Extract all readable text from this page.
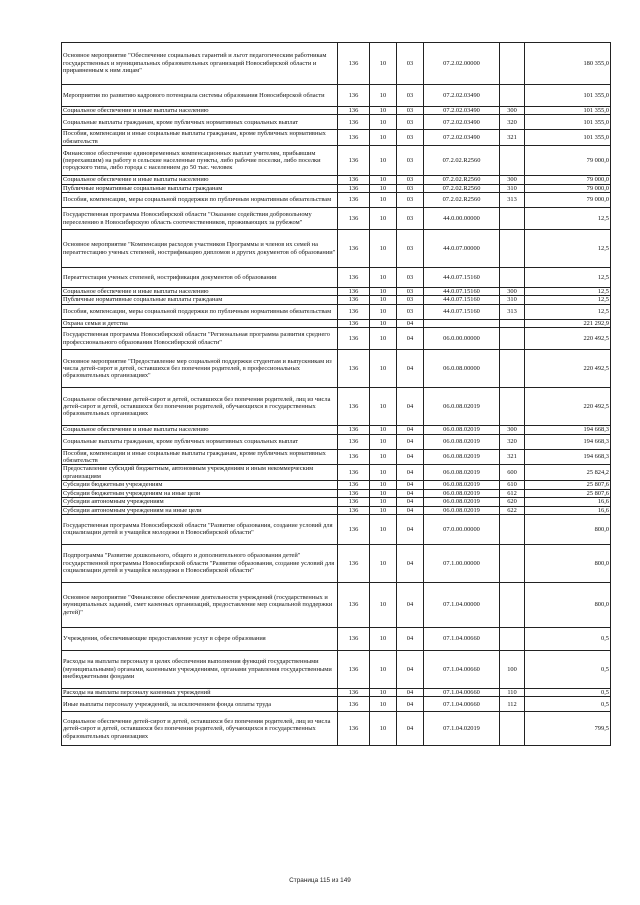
Основное мероприятие "Обеспечение социальных гарантий и льгот педагогическим работникам государственных и муниципальных образовательных организаций Новосибирской области и приравненным к ним лицам"	136	10	03	07.2.02.00000		180 355,0
Мероприятия по развитию кадрового потенциала системы образования Новосибирской области	136	10	03	07.2.02.03490		101 355,0
Социальное обеспечение и иные выплаты населению	136	10	03	07.2.02.03490	300	101 355,0
Социальные выплаты гражданам, кроме публичных нормативных социальных выплат	136	10	03	07.2.02.03490	320	101 355,0
Пособия, компенсации и иные социальные выплаты гражданам, кроме публичных нормативных обязательств	136	10	03	07.2.02.03490	321	101 355,0
Финансовое обеспечение единовременных компенсационных выплат учителям, прибывшим (переехавшим) на работу в сельские населенные пункты, либо рабочие поселки, либо поселки городского типа, либо города с населением до 50 тыс. человек	136	10	03	07.2.02.R2560		79 000,0
Социальное обеспечение и иные выплаты населению	136	10	03	07.2.02.R2560	300	79 000,0
Публичные нормативные социальные выплаты гражданам	136	10	03	07.2.02.R2560	310	79 000,0
Пособия, компенсации, меры социальной поддержки по публичным нормативным обязательствам	136	10	03	07.2.02.R2560	313	79 000,0
Государственная программа Новосибирской области "Оказание содействия добровольному переселению в Новосибирскую область соотечественников, проживающих за рубежом"	136	10	03	44.0.00.00000		12,5
Основное мероприятие "Компенсация расходов участников Программы и членов их семей на переаттестацию ученых степеней, нострификацию дипломов и других документов об образовании"	136	10	03	44.0.07.00000		12,5
Переаттестация ученых степеней, нострификация документов об образовании	136	10	03	44.0.07.15160		12,5
Социальное обеспечение и иные выплаты населению	136	10	03	44.0.07.15160	300	12,5
Публичные нормативные социальные выплаты гражданам	136	10	03	44.0.07.15160	310	12,5
Пособия, компенсации, меры социальной поддержки по публичным нормативным обязательствам	136	10	03	44.0.07.15160	313	12,5
Охрана семьи и детства	136	10	04			221 292,9
Государственная программа Новосибирской области "Региональная программа развития среднего профессионального образования Новосибирской области"	136	10	04	06.0.00.00000		220 492,5
Основное мероприятие "Предоставление мер социальной поддержки студентам и выпускникам из числа детей-сирот и детей, оставшихся без попечения родителей, в профессиональных образовательных организациях"	136	10	04	06.0.08.00000		220 492,5
Социальное обеспечение детей-сирот и детей, оставшихся без попечения родителей, лиц из числа детей-сирот и детей, оставшихся без попечения родителей, обучающихся в государственных образовательных организациях	136	10	04	06.0.08.02019		220 492,5
Социальное обеспечение и иные выплаты населению	136	10	04	06.0.08.02019	300	194 668,3
Социальные выплаты гражданам, кроме публичных нормативных социальных выплат	136	10	04	06.0.08.02019	320	194 668,3
Пособия, компенсации и иные социальные выплаты гражданам, кроме публичных нормативных обязательств	136	10	04	06.0.08.02019	321	194 668,3
Предоставление субсидий бюджетным, автономным учреждениям и иным некоммерческим организациям	136	10	04	06.0.08.02019	600	25 824,2
Субсидии бюджетным учреждениям	136	10	04	06.0.08.02019	610	25 807,6
Субсидии бюджетным учреждениям на иные цели	136	10	04	06.0.08.02019	612	25 807,6
Субсидии автономным учреждениям	136	10	04	06.0.08.02019	620	16,6
Субсидии автономным учреждениям на иные цели	136	10	04	06.0.08.02019	622	16,6
Государственная программа Новосибирской области "Развитие образования, создание условий для социализации детей и учащейся молодежи в Новосибирской области"	136	10	04	07.0.00.00000		800,0
Подпрограмма "Развитие дошкольного, общего и дополнительного образования детей" государственной программы Новосибирской области "Развитие образования, создание условий для социализации детей и учащейся молодежи в Новосибирской области"	136	10	04	07.1.00.00000		800,0
Основное мероприятие "Финансовое обеспечение деятельности учреждений (государственных и муниципальных заданий, смет казенных организаций, предоставление мер социальной поддержки детей)"	136	10	04	07.1.04.00000		800,0
Учреждения, обеспечивающие предоставление услуг в сфере образования	136	10	04	07.1.04.00660		0,5
Расходы на выплаты персоналу в целях обеспечения выполнения функций государственными (муниципальными) органами, казенными учреждениями, органами управления государственными внебюджетными фондами	136	10	04	07.1.04.00660	100	0,5
Расходы на выплаты персоналу казенных учреждений	136	10	04	07.1.04.00660	110	0,5
Иные выплаты персоналу учреждений, за исключением фонда оплаты труда	136	10	04	07.1.04.00660	112	0,5
Социальное обеспечение детей-сирот и детей, оставшихся без попечения родителей, лиц из числа детей-сирот и детей, оставшихся без попечения родителей, обучающихся в государственных образовательных организациях	136	10	04	07.1.04.02019		799,5
Страница 115 из 149
